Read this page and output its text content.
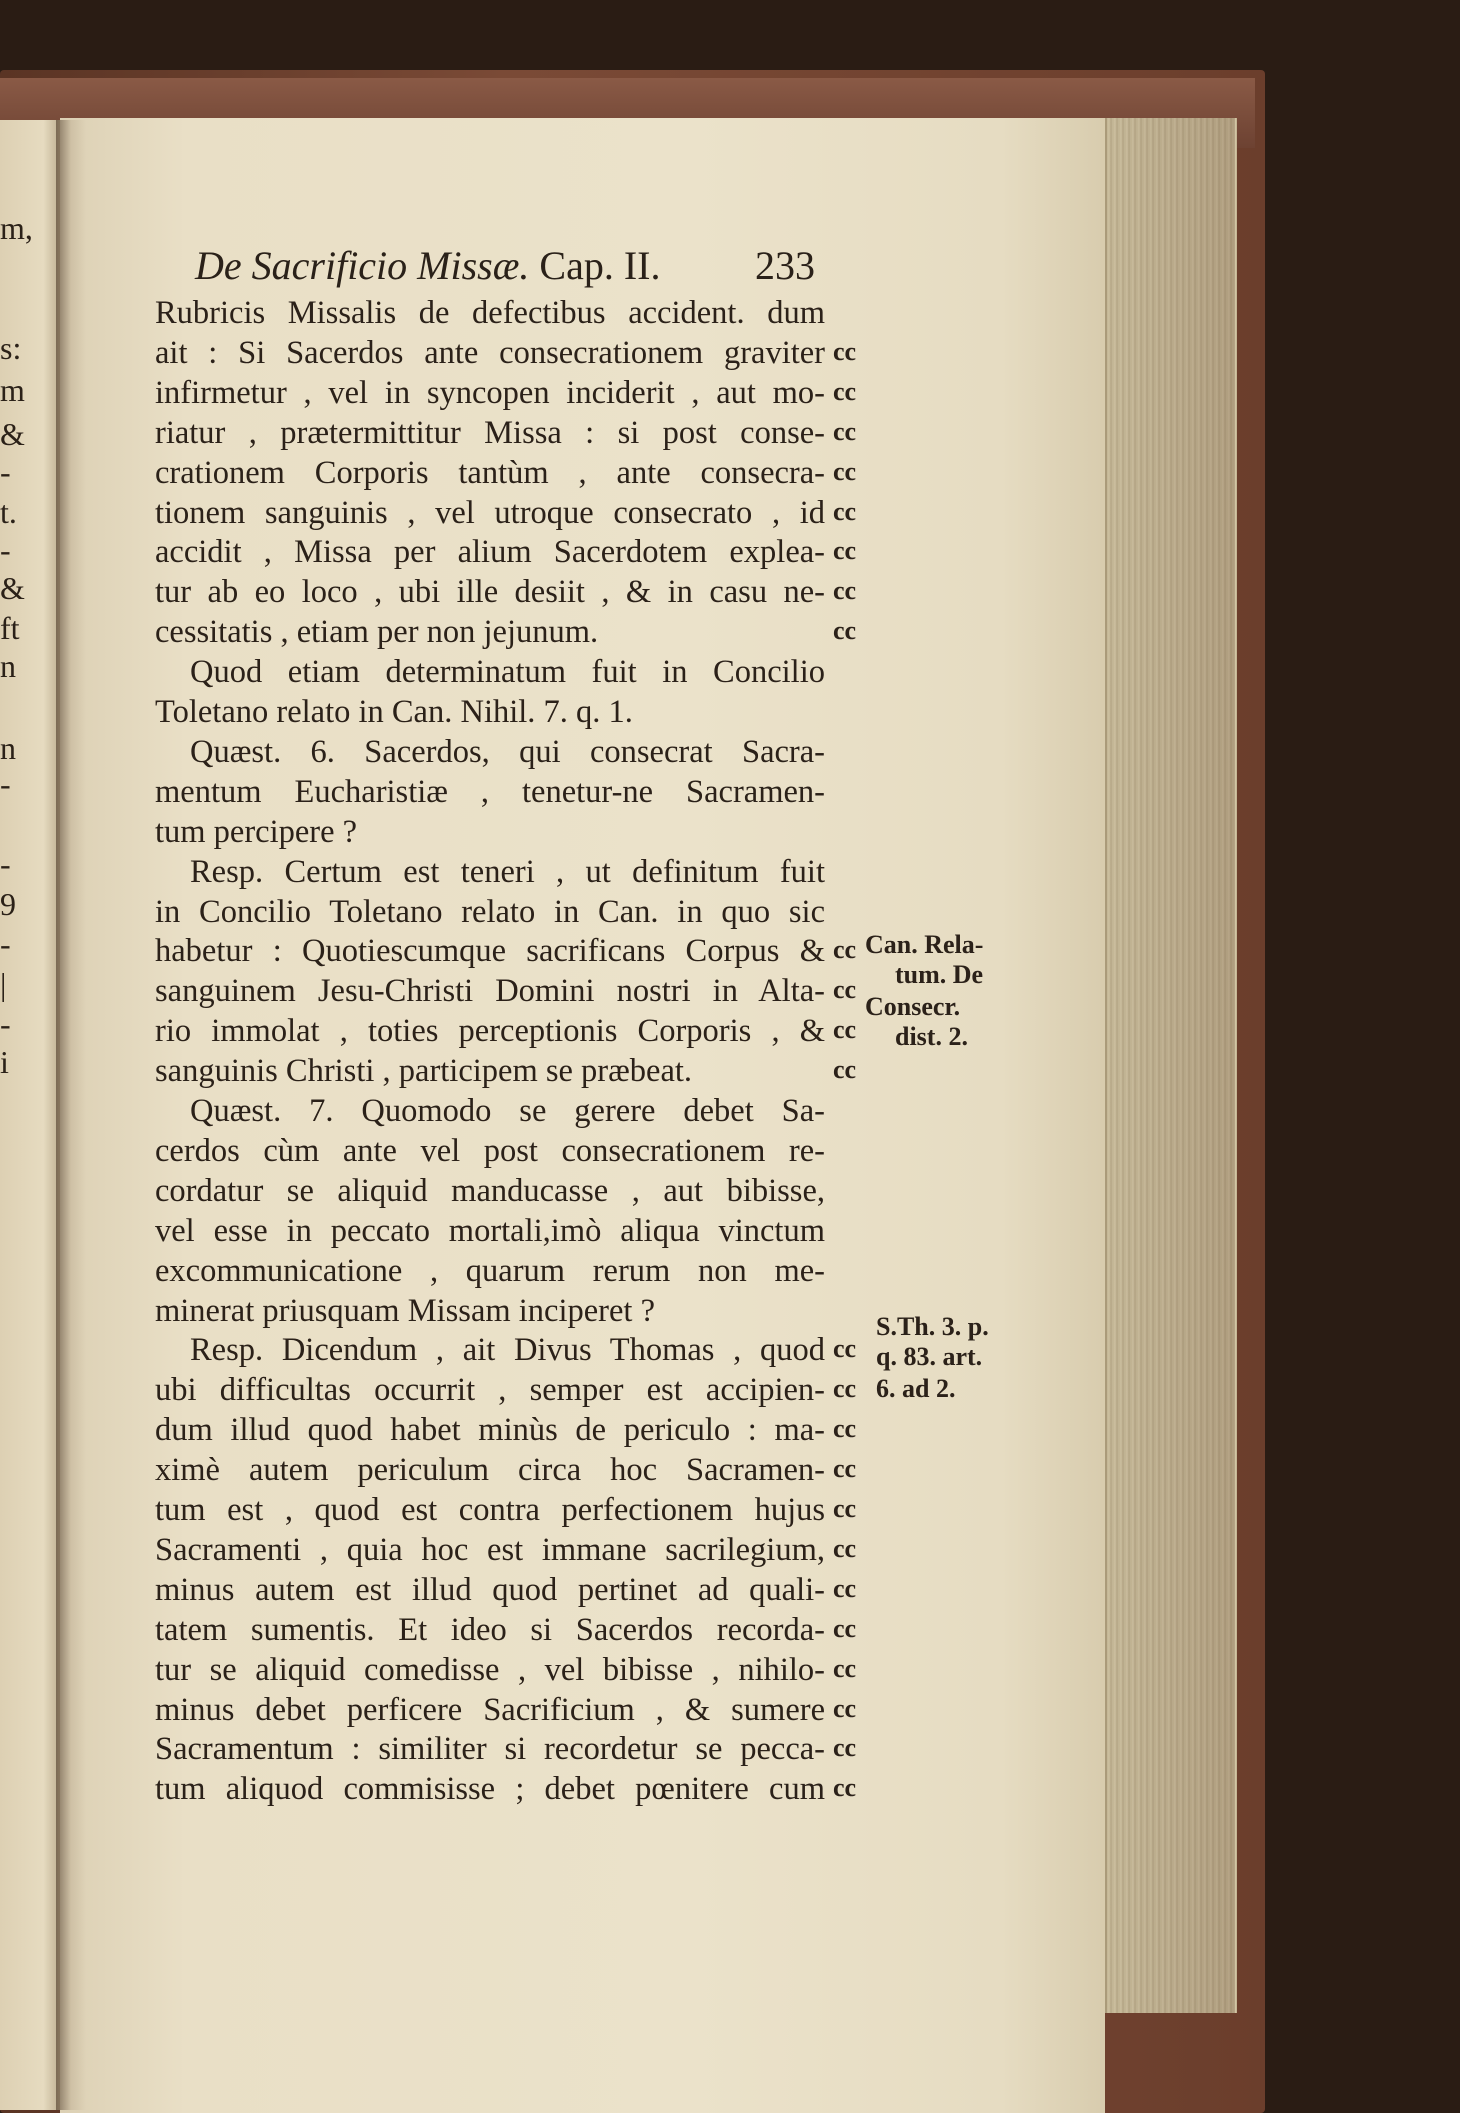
m,
s:
m
&
-
t.
-
&
ft
n
n
-
-
9
-
|
-
i
De Sacrificio Missæ. Cap. II. 233
Rubricis Missalis de defectibus accident. dum
ait : Si Sacerdos ante consecrationem graviter
infirmetur , vel in syncopen inciderit , aut mo-
riatur , prætermittitur Missa : si post conse-
crationem Corporis tantùm , ante consecra-
tionem sanguinis , vel utroque consecrato , id
accidit , Missa per alium Sacerdotem explea-
tur ab eo loco , ubi ille desiit , & in casu ne-
cessitatis , etiam per non jejunum.
Quod etiam determinatum fuit in Concilio
Toletano relato in Can. Nihil. 7. q. 1.
Quæst. 6. Sacerdos, qui consecrat Sacra-
mentum Eucharistiæ , tenetur-ne Sacramen-
tum percipere ?
Resp. Certum est teneri , ut definitum fuit
in Concilio Toletano relato in Can. in quo sic
habetur : Quotiescumque sacrificans Corpus &
sanguinem Jesu-Christi Domini nostri in Alta-
rio immolat , toties perceptionis Corporis , &
sanguinis Christi , participem se præbeat.
Quæst. 7. Quomodo se gerere debet Sa-
cerdos cùm ante vel post consecrationem re-
cordatur se aliquid manducasse , aut bibisse,
vel esse in peccato mortali,imò aliqua vinctum
excommunicatione , quarum rerum non me-
minerat priusquam Missam inciperet ?
Resp. Dicendum , ait Divus Thomas , quod
ubi difficultas occurrit , semper est accipien-
dum illud quod habet minùs de periculo : ma-
ximè autem periculum circa hoc Sacramen-
tum est , quod est contra perfectionem hujus
Sacramenti , quia hoc est immane sacrilegium,
minus autem est illud quod pertinet ad quali-
tatem sumentis. Et ideo si Sacerdos recorda-
tur se aliquid comedisse , vel bibisse , nihilo-
minus debet perficere Sacrificium , & sumere
Sacramentum : similiter si recordetur se pecca-
tum aliquod commisisse ; debet pœnitere cum
cc
cc
cc
cc
cc
cc
cc
cc
cc
cc
cc
cc
cc
cc
cc
cc
cc
cc
cc
cc
cc
cc
cc
cc
Can. Rela-
tum. De
Consecr.
dist. 2.
S.Th. 3. p.
q. 83. art.
6. ad 2.
